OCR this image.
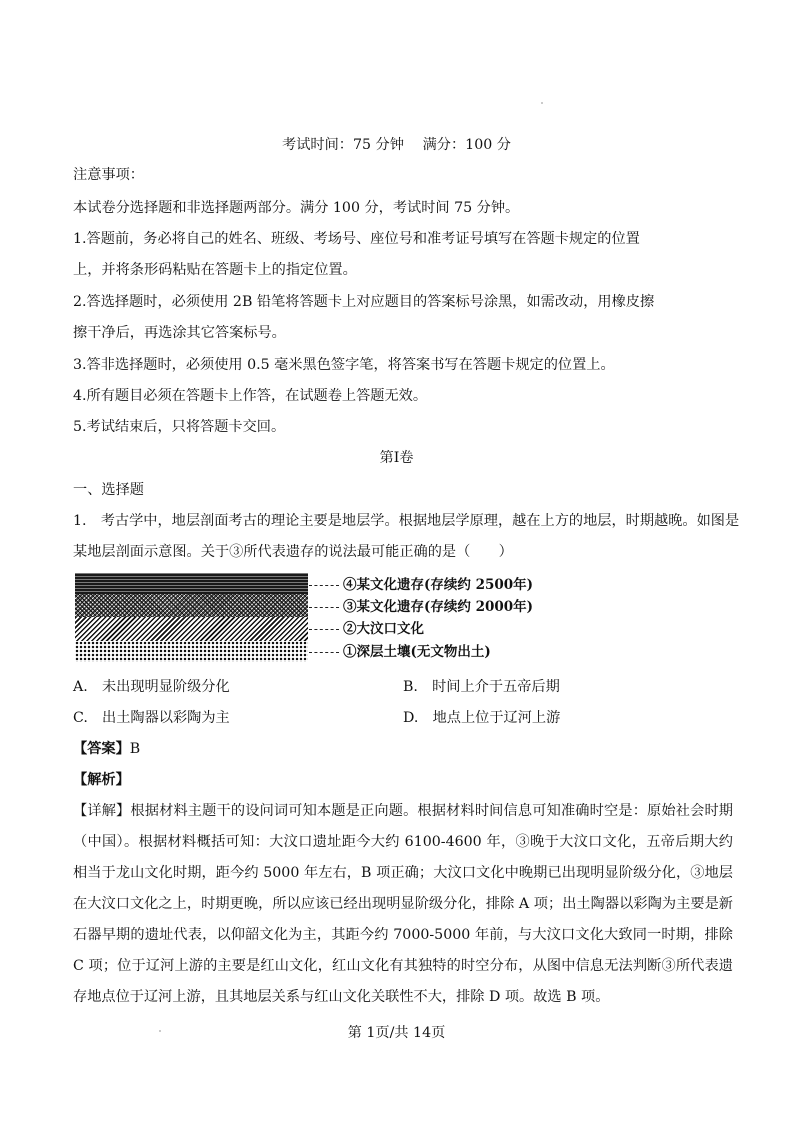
考试时间：75 分钟　 满分：100 分
注意事项：
本试卷分选择题和非选择题两部分。满分 100 分，考试时间 75 分钟。
1.答题前，务必将自己的姓名、班级、考场号、座位号和准考证号填写在答题卡规定的位置
上，并将条形码粘贴在答题卡上的指定位置。
2.答选择题时，必须使用 2B 铅笔将答题卡上对应题目的答案标号涂黑，如需改动，用橡皮擦
擦干净后，再选涂其它答案标号。
3.答非选择题时，必须使用 0.5 毫米黑色签字笔，将答案书写在答题卡规定的位置上。
4.所有题目必须在答题卡上作答，在试题卷上答题无效。
5.考试结束后，只将答题卡交回。
第Ⅰ卷
一、选择题
1.　考古学中，地层剖面考古的理论主要是地层学。根据地层学原理，越在上方的地层，时期越晚。如图是
某地层剖面示意图。关于③所代表遗存的说法最可能正确的是（　　）
④某文化遗存(存续约 2500年)
③某文化遗存(存续约 2000年)
②大汶口文化
①深层土壤(无文物出土)
A.　未出现明显阶级分化	B.　时间上介于五帝后期
C.　出土陶器以彩陶为主	D.　地点上位于辽河上游
【答案】B
【解析】

【详解】根据材料主题干的设问词可知本题是正向题。根据材料时间信息可知准确时空是：原始社会时期（中国）。根据材料概括可知：大汶口遗址距今大约 6100-4600 年，③晚于大汶口文化，五帝后期大约相当于龙山文化时期，距今约 5000 年左右，B 项正确；大汶口文化中晚期已出现明显阶级分化，③地层在大汶口文化之上，时期更晚，所以应该已经出现明显阶级分化，排除 A 项；出土陶器以彩陶为主要是新石器早期的遗址代表，以仰韶文化为主，其距今约 7000-5000 年前，与大汶口文化大致同一时期，排除 C 项；位于辽河上游的主要是红山文化，红山文化有其独特的时空分布，从图中信息无法判断③所代表遗存地点位于辽河上游，且其地层关系与红山文化关联性不大，排除 D 项。故选 B 项。

第 1页/共 14页
